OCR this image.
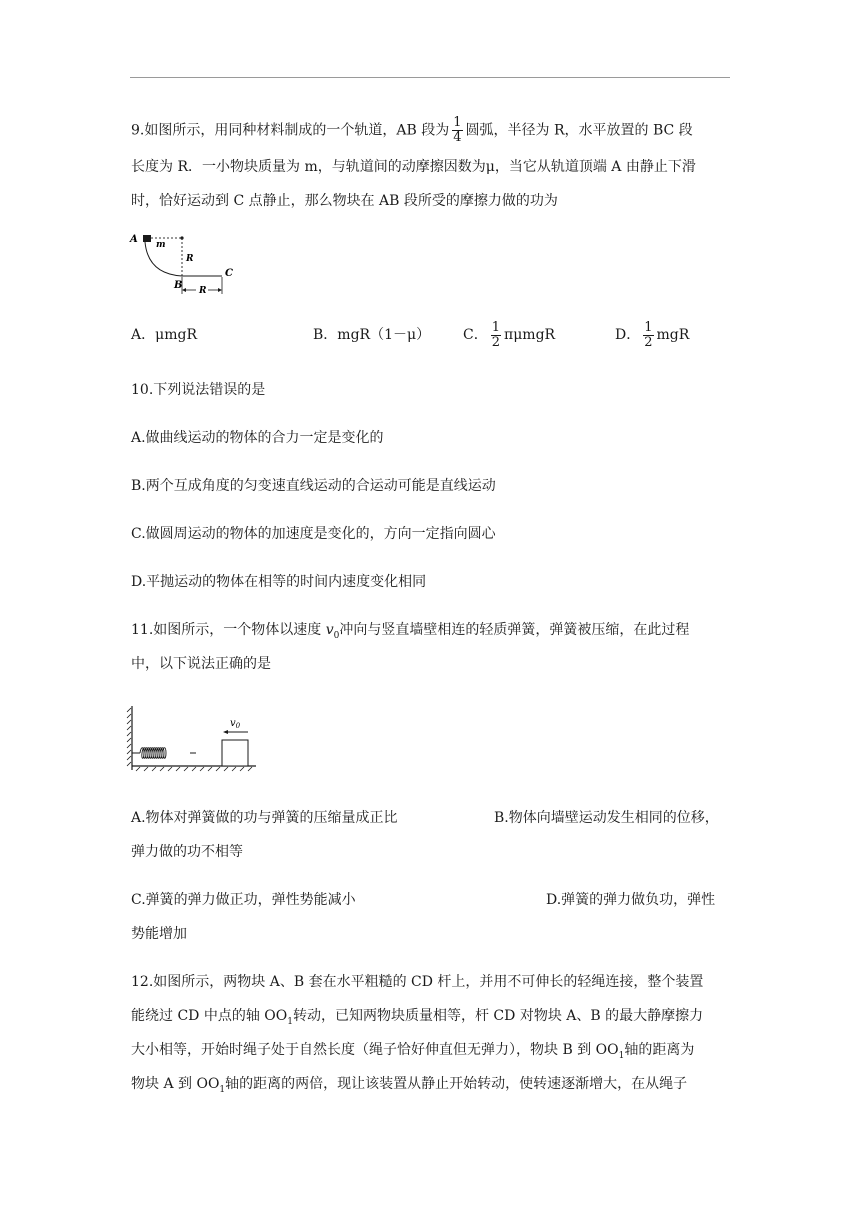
9.如图所示，用同种材料制成的一个轨道，AB 段为 $\frac{1}{4}$ 圆弧，半径为 R，水平放置的 BC 段
长度为 R．一小物块质量为 m，与轨道间的动摩擦因数为μ，当它从轨道顶端 A 由静止下滑
时，恰好运动到 C 点静止，那么物块在 AB 段所受的摩擦力做的功为
A m
R
C
B R
A．μmgR	B．mgR（1－μ） C． $\frac{1}{2}$ πμmgR	D． $\frac{1}{2}$ mgR
10.下列说法错误的是
A.做曲线运动的物体的合力一定是变化的
B.两个互成角度的匀变速直线运动的合运动可能是直线运动
C.做圆周运动的物体的加速度是变化的，方向一定指向圆心
D.平抛运动的物体在相等的时间内速度变化相同
11.如图所示，一个物体以速度 $v_0$冲向与竖直墙壁相连的轻质弹簧，弹簧被压缩，在此过程
中，以下说法正确的是
$v_0$
A.物体对弹簧做的功与弹簧的压缩量成正比	B.物体向墙壁运动发生相同的位移，
弹力做的功不相等
C.弹簧的弹力做正功，弹性势能减小	D.弹簧的弹力做负功，弹性
势能增加
12.如图所示，两物块 A、B 套在水平粗糙的 CD 杆上，并用不可伸长的轻绳连接，整个装置
能绕过 CD 中点的轴 $OO_1$转动，已知两物块质量相等，杆 CD 对物块 A、B 的最大静摩擦力
大小相等，开始时绳子处于自然长度（绳子恰好伸直但无弹力），物块 B 到 $OO_1$轴的距离为
物块 A 到 $OO_1$轴的距离的两倍，现让该装置从静止开始转动，使转速逐渐增大，在从绳子
